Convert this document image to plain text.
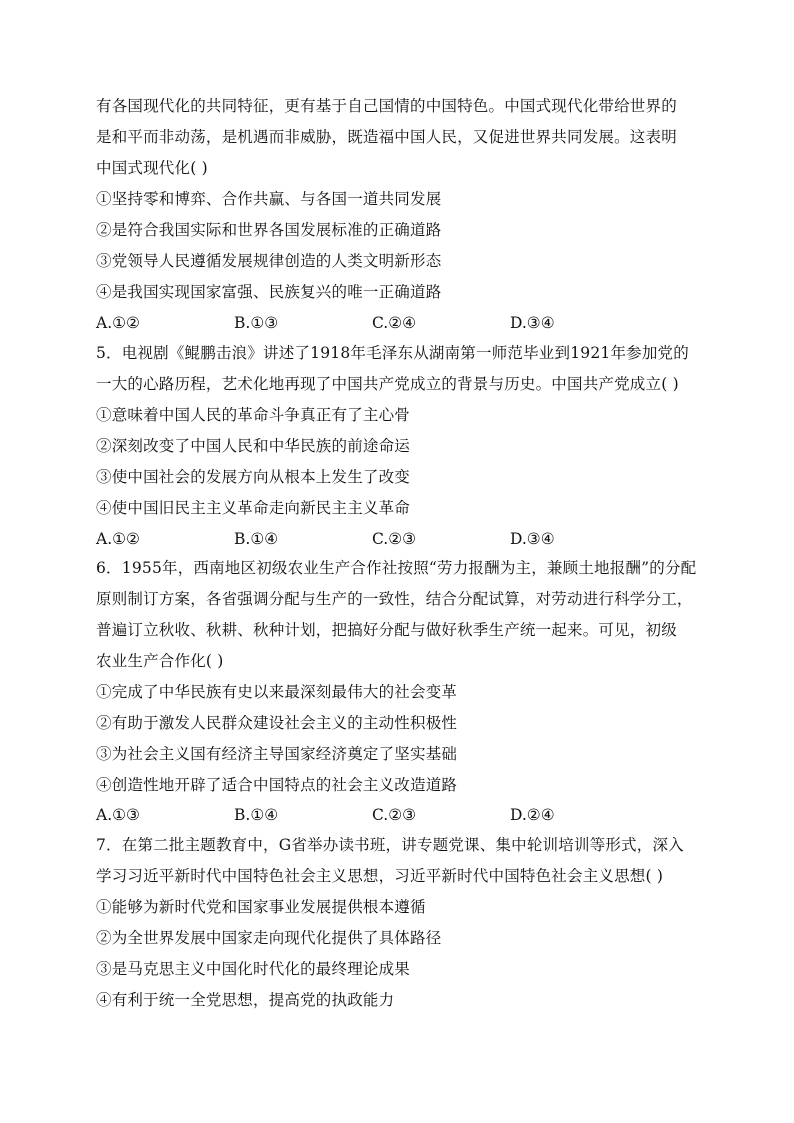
有各国现代化的共同特征，更有基于自己国情的中国特色。中国式现代化带给世界的
是和平而非动荡，是机遇而非威胁，既造福中国人民，又促进世界共同发展。这表明
中国式现代化( )
①坚持零和博弈、合作共赢、与各国一道共同发展
②是符合我国实际和世界各国发展标准的正确道路
③党领导人民遵循发展规律创造的人类文明新形态
④是我国实现国家富强、民族复兴的唯一正确道路
A.①②	B.①③	C.②④	D.③④
5．电视剧《鲲鹏击浪》讲述了1918年毛泽东从湖南第一师范毕业到1921年参加党的
一大的心路历程，艺术化地再现了中国共产党成立的背景与历史。中国共产党成立( )
①意味着中国人民的革命斗争真正有了主心骨
②深刻改变了中国人民和中华民族的前途命运
③使中国社会的发展方向从根本上发生了改变
④使中国旧民主主义革命走向新民主主义革命
A.①②	B.①④	C.②③	D.③④
6．1955年，西南地区初级农业生产合作社按照“劳力报酬为主，兼顾土地报酬”的分配
原则制订方案，各省强调分配与生产的一致性，结合分配试算，对劳动进行科学分工，
普遍订立秋收、秋耕、秋种计划，把搞好分配与做好秋季生产统一起来。可见，初级
农业生产合作化( )
①完成了中华民族有史以来最深刻最伟大的社会变革
②有助于激发人民群众建设社会主义的主动性积极性
③为社会主义国有经济主导国家经济奠定了坚实基础
④创造性地开辟了适合中国特点的社会主义改造道路
A.①③	B.①④	C.②③	D.②④
7．在第二批主题教育中，G省举办读书班，讲专题党课、集中轮训培训等形式，深入
学习习近平新时代中国特色社会主义思想，习近平新时代中国特色社会主义思想( )
①能够为新时代党和国家事业发展提供根本遵循
②为全世界发展中国家走向现代化提供了具体路径
③是马克思主义中国化时代化的最终理论成果
④有利于统一全党思想，提高党的执政能力
